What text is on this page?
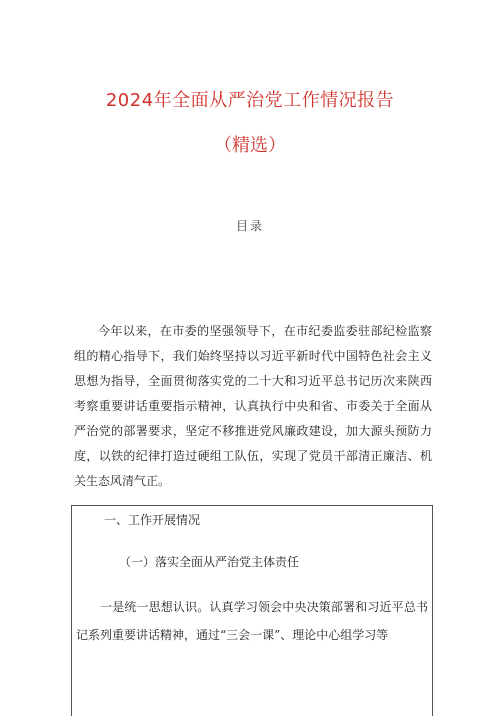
2024年全面从严治党工作情况报告
（精选）
目录

今年以来，在市委的坚强领导下，在市纪委监委驻部纪检监察组的精心指导下，我们始终坚持以习近平新时代中国特色社会主义思想为指导，全面贯彻落实党的二十大和习近平总书记历次来陕西考察重要讲话重要指示精神，认真执行中央和省、市委关于全面从严治党的部署要求，坚定不移推进党风廉政建设，加大源头预防力度，以铁的纪律打造过硬组工队伍，实现了党员干部清正廉洁、机关生态风清气正。

一、工作开展情况

（一）落实全面从严治党主体责任

一是统一思想认识。认真学习领会中央决策部署和习近平总书记系列重要讲话精神，通过“三会一课”、理论中心组学习等
